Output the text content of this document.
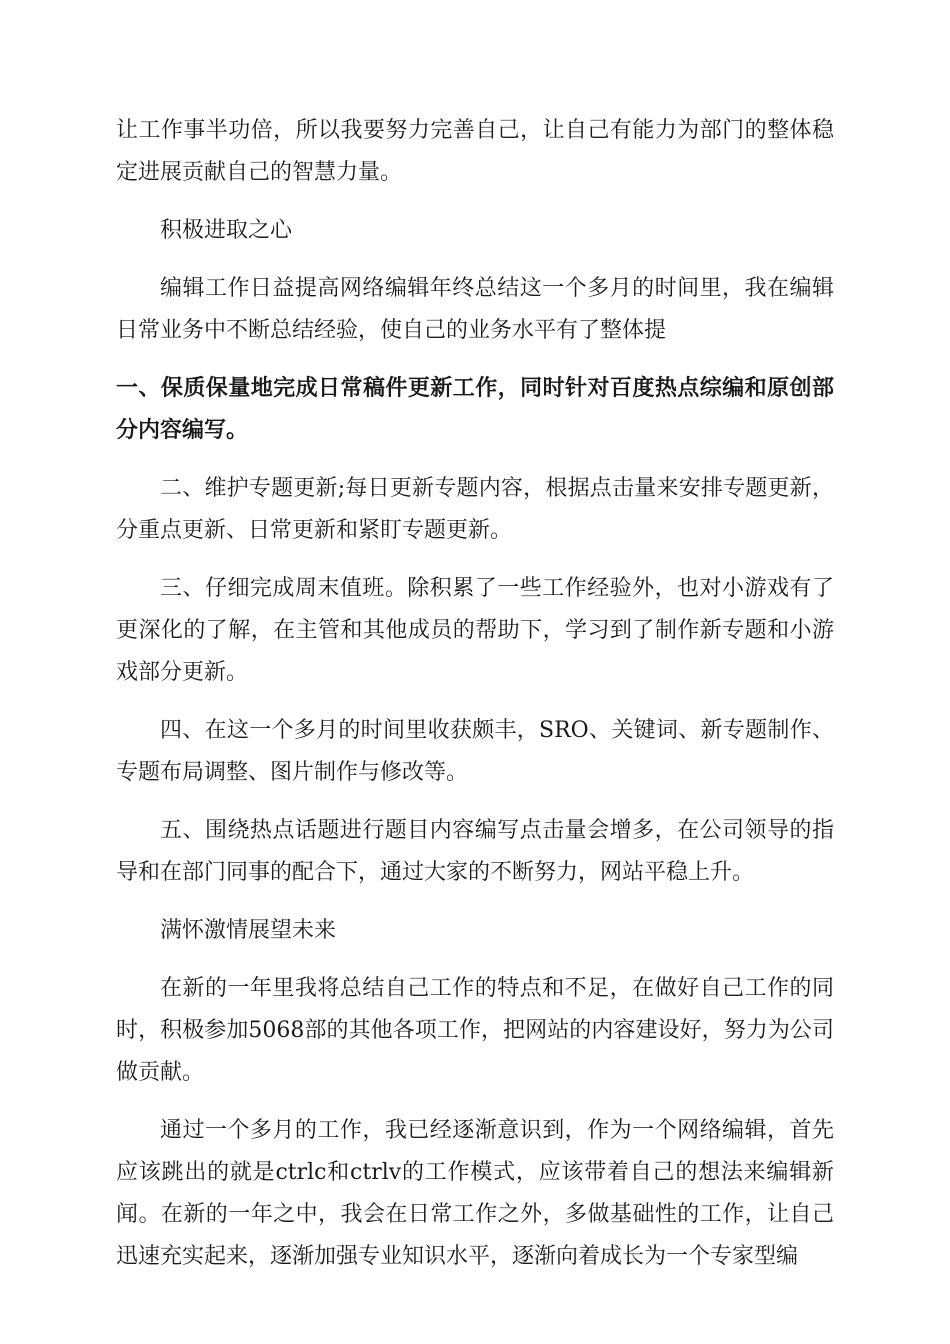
让工作事半功倍，所以我要努力完善自己，让自己有能力为部门的整体稳定进展贡献自己的智慧力量。

积极进取之心

编辑工作日益提高网络编辑年终总结这一个多月的时间里，我在编辑日常业务中不断总结经验，使自己的业务水平有了整体提

一、保质保量地完成日常稿件更新工作，同时针对百度热点综编和原创部分内容编写。

二、维护专题更新;每日更新专题内容，根据点击量来安排专题更新，分重点更新、日常更新和紧盯专题更新。

三、仔细完成周末值班。除积累了一些工作经验外，也对小游戏有了更深化的了解，在主管和其他成员的帮助下，学习到了制作新专题和小游戏部分更新。

四、在这一个多月的时间里收获颇丰，SRO、关键词、新专题制作、专题布局调整、图片制作与修改等。

五、围绕热点话题进行题目内容编写点击量会增多，在公司领导的指导和在部门同事的配合下，通过大家的不断努力，网站平稳上升。

满怀激情展望未来

在新的一年里我将总结自己工作的特点和不足，在做好自己工作的同时，积极参加5068部的其他各项工作，把网站的内容建设好，努力为公司做贡献。

通过一个多月的工作，我已经逐渐意识到，作为一个网络编辑，首先应该跳出的就是ctrlc和ctrlv的工作模式，应该带着自己的想法来编辑新闻。在新的一年之中，我会在日常工作之外，多做基础性的工作，让自己迅速充实起来，逐渐加强专业知识水平，逐渐向着成长为一个专家型编
